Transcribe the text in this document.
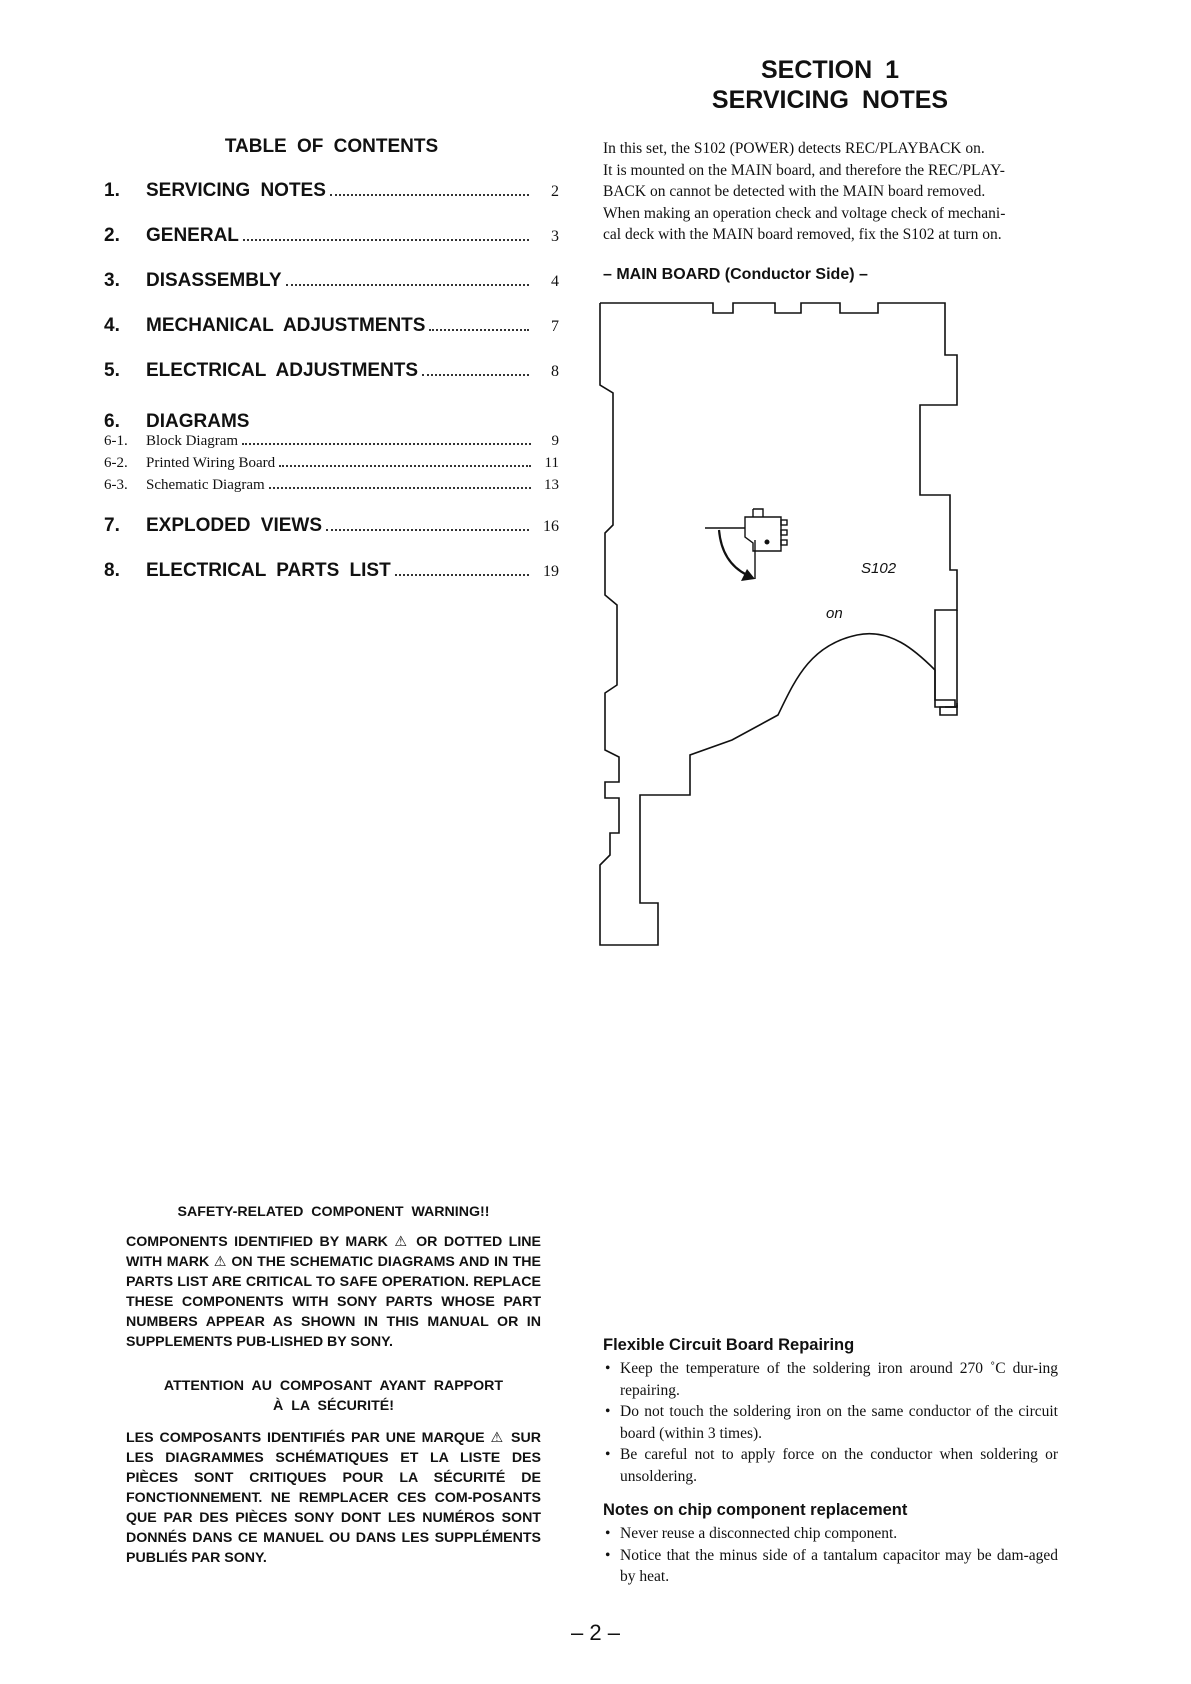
SECTION 1
SERVICING NOTES
TABLE OF CONTENTS
1.	SERVICING NOTES	2
2.	GENERAL	3
3.	DISASSEMBLY	4
4.	MECHANICAL ADJUSTMENTS	7
5.	ELECTRICAL ADJUSTMENTS	8
6.	DIAGRAMS
6-1.	Block Diagram	9
6-2.	Printed Wiring Board	11
6-3.	Schematic Diagram	13
7.	EXPLODED VIEWS	16
8.	ELECTRICAL PARTS LIST	19
In this set, the S102 (POWER) detects REC/PLAYBACK on.
It is mounted on the MAIN board, and therefore the REC/PLAY-
BACK on cannot be detected with the MAIN board removed.
When making an operation check and voltage check of mechani-
cal deck with the MAIN board removed, fix the S102 at turn on.
– MAIN BOARD (Conductor Side) –
S102
on
SAFETY-RELATED COMPONENT WARNING!!
COMPONENTS IDENTIFIED BY MARK ⚠ OR DOTTED LINE WITH MARK ⚠ ON THE SCHEMATIC DIAGRAMS AND IN THE PARTS LIST ARE CRITICAL TO SAFE OPERATION. REPLACE THESE COMPONENTS WITH SONY PARTS WHOSE PART NUMBERS APPEAR AS SHOWN IN THIS MANUAL OR IN SUPPLEMENTS PUB-LISHED BY SONY.
ATTENTION AU COMPOSANT AYANT RAPPORT
À LA SÉCURITÉ!
LES COMPOSANTS IDENTIFIÉS PAR UNE MARQUE ⚠ SUR LES DIAGRAMMES SCHÉMATIQUES ET LA LISTE DES PIÈCES SONT CRITIQUES POUR LA SÉCURITÉ DE FONCTIONNEMENT. NE REMPLACER CES COM-POSANTS QUE PAR DES PIÈCES SONY DONT LES NUMÉROS SONT DONNÉS DANS CE MANUEL OU DANS LES SUPPLÉMENTS PUBLIÉS PAR SONY.
Flexible Circuit Board Repairing
• Keep the temperature of the soldering iron around 270 ˚C dur-ing repairing.
• Do not touch the soldering iron on the same conductor of the circuit board (within 3 times).
• Be careful not to apply force on the conductor when soldering or unsoldering.
Notes on chip component replacement
• Never reuse a disconnected chip component.
• Notice that the minus side of a tantalum capacitor may be dam-aged by heat.
– 2 –
